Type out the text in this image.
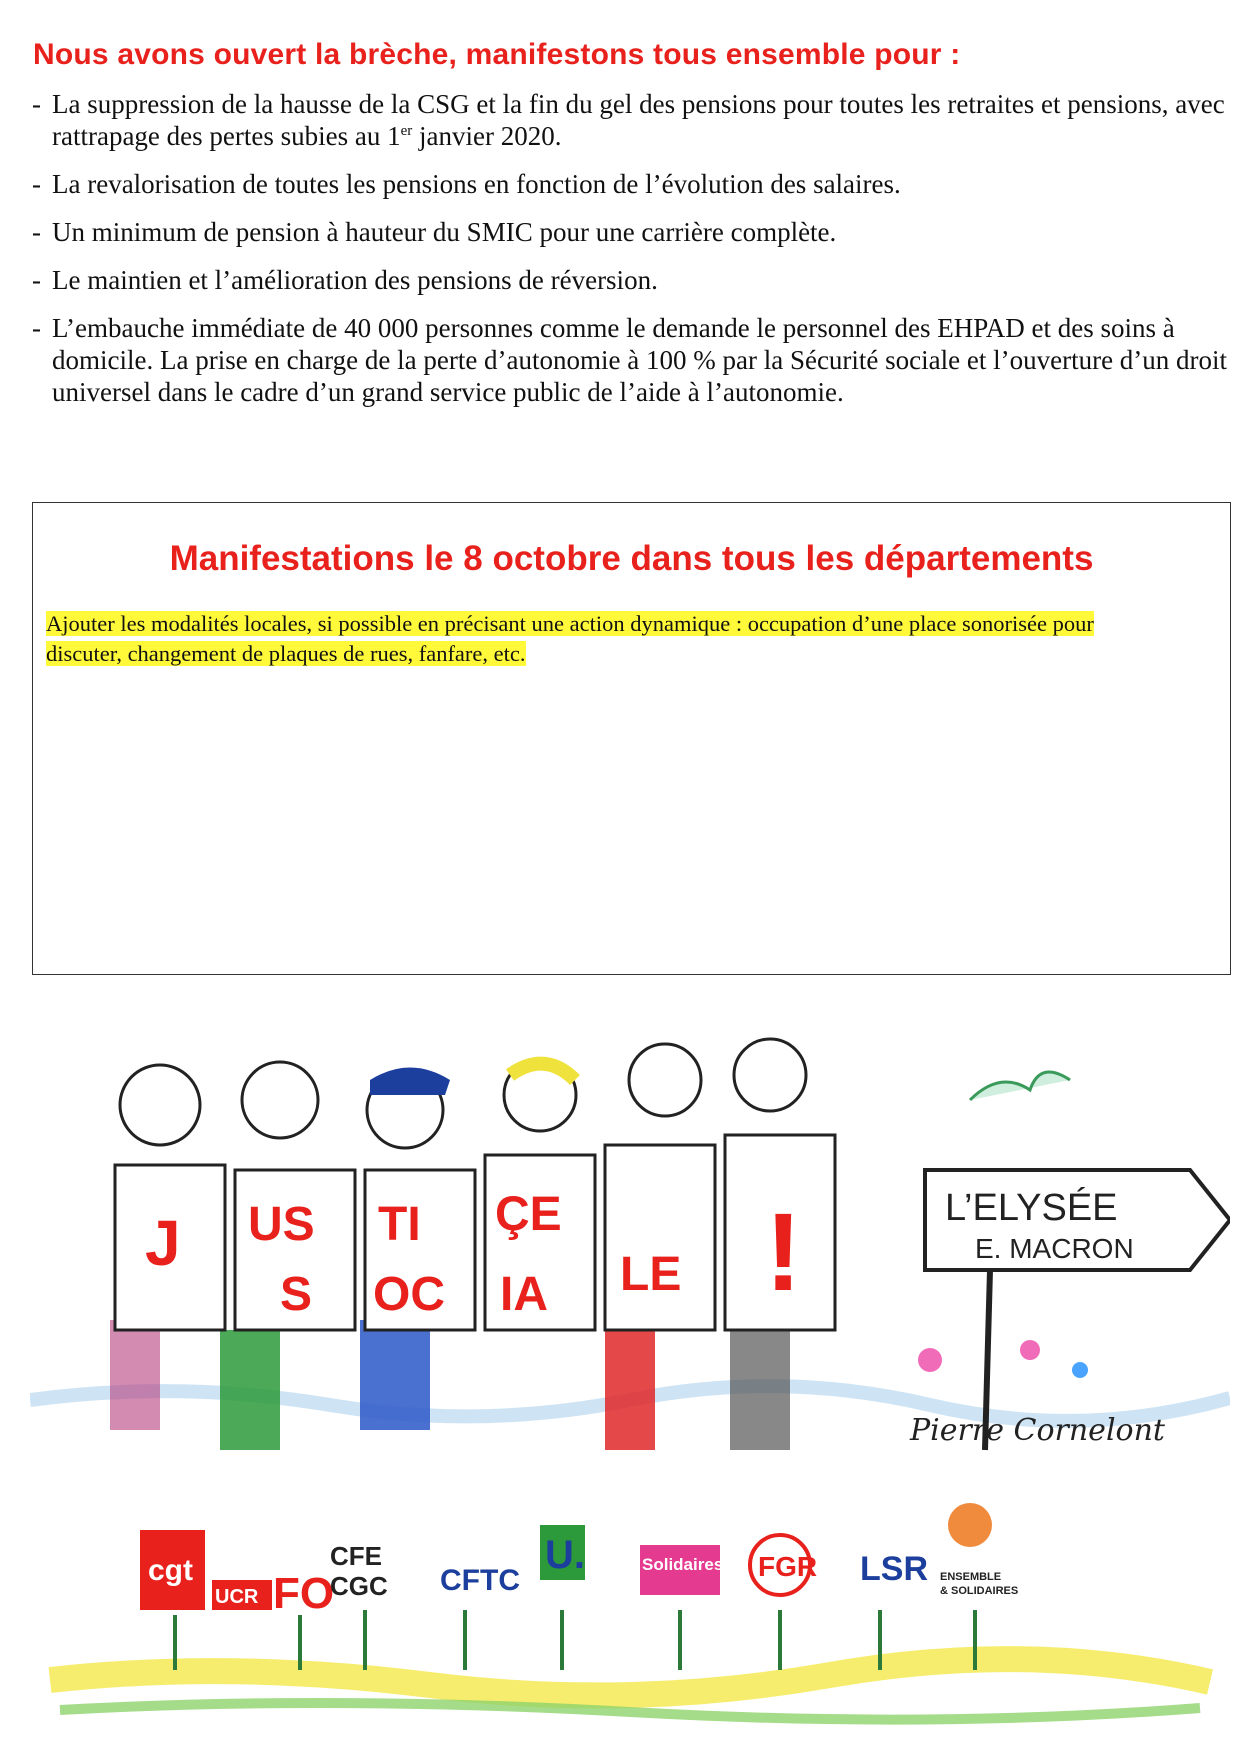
Nous avons ouvert la brèche, manifestons tous ensemble pour :
- La suppression de la hausse de la CSG et la fin du gel des pensions pour toutes les retraites et pensions, avec rattrapage des pertes subies au 1er janvier 2020.
- La revalorisation de toutes les pensions en fonction de l’évolution des salaires.
- Un minimum de pension à hauteur du SMIC pour une carrière complète.
- Le maintien et l’amélioration des pensions de réversion.
- L’embauche immédiate de 40 000 personnes comme le demande le personnel des EHPAD et des soins à domicile. La prise en charge de la perte d’autonomie à 100 % par la Sécurité sociale et l’ouverture d’un droit universel dans le cadre d’un grand service public de l’aide à l’autonomie.
Manifestations le 8 octobre dans tous les départements
Ajouter les modalités locales, si possible en précisant une action dynamique : occupation d’une place sonorisée pour discuter, changement de plaques de rues, fanfare, etc.
J US
S
TI
OC
ÇE
IA LE !	L’ELYSÉE
E. MACRON
Pierre Cornelont
cgt
UCR FO
CFE
CGC CFTC
U.	Solidaires FGR LSR ENSEMBLE
& SOLIDAIRES
